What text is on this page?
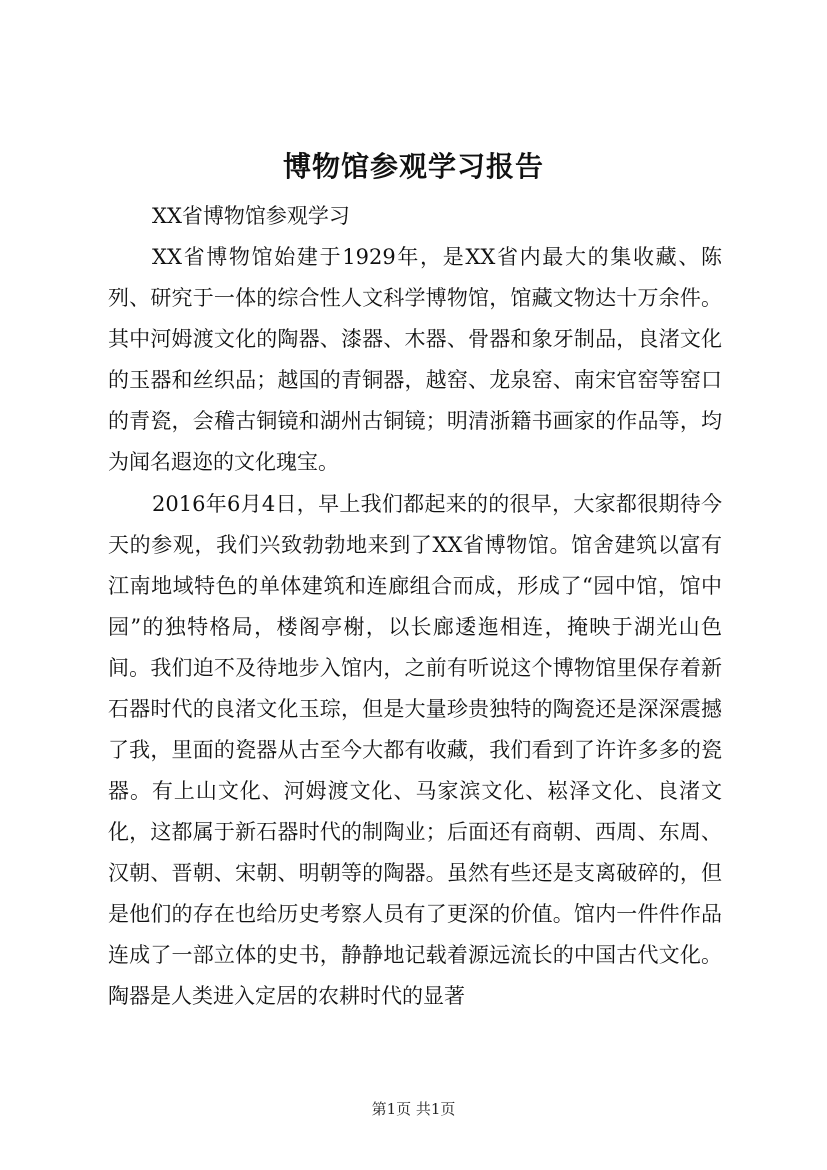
博物馆参观学习报告

XX省博物馆参观学习

XX省博物馆始建于1929年，是XX省内最大的集收藏、陈列、研究于一体的综合性人文科学博物馆，馆藏文物达十万余件。其中河姆渡文化的陶器、漆器、木器、骨器和象牙制品，良渚文化的玉器和丝织品；越国的青铜器，越窑、龙泉窑、南宋官窑等窑口的青瓷，会稽古铜镜和湖州古铜镜；明清浙籍书画家的作品等，均为闻名遐迩的文化瑰宝。

2016年6月4日，早上我们都起来的的很早，大家都很期待今天的参观，我们兴致勃勃地来到了XX省博物馆。馆舍建筑以富有江南地域特色的单体建筑和连廊组合而成，形成了“园中馆，馆中园”的独特格局，楼阁亭榭，以长廊逶迤相连，掩映于湖光山色间。我们迫不及待地步入馆内，之前有听说这个博物馆里保存着新石器时代的良渚文化玉琮，但是大量珍贵独特的陶瓷还是深深震撼了我，里面的瓷器从古至今大都有收藏，我们看到了许许多多的瓷器。有上山文化、河姆渡文化、马家滨文化、崧泽文化、良渚文化，这都属于新石器时代的制陶业；后面还有商朝、西周、东周、汉朝、晋朝、宋朝、明朝等的陶器。虽然有些还是支离破碎的，但是他们的存在也给历史考察人员有了更深的价值。馆内一件件作品连成了一部立体的史书，静静地记载着源远流长的中国古代文化。陶器是人类进入定居的农耕时代的显著

第1页 共1页
